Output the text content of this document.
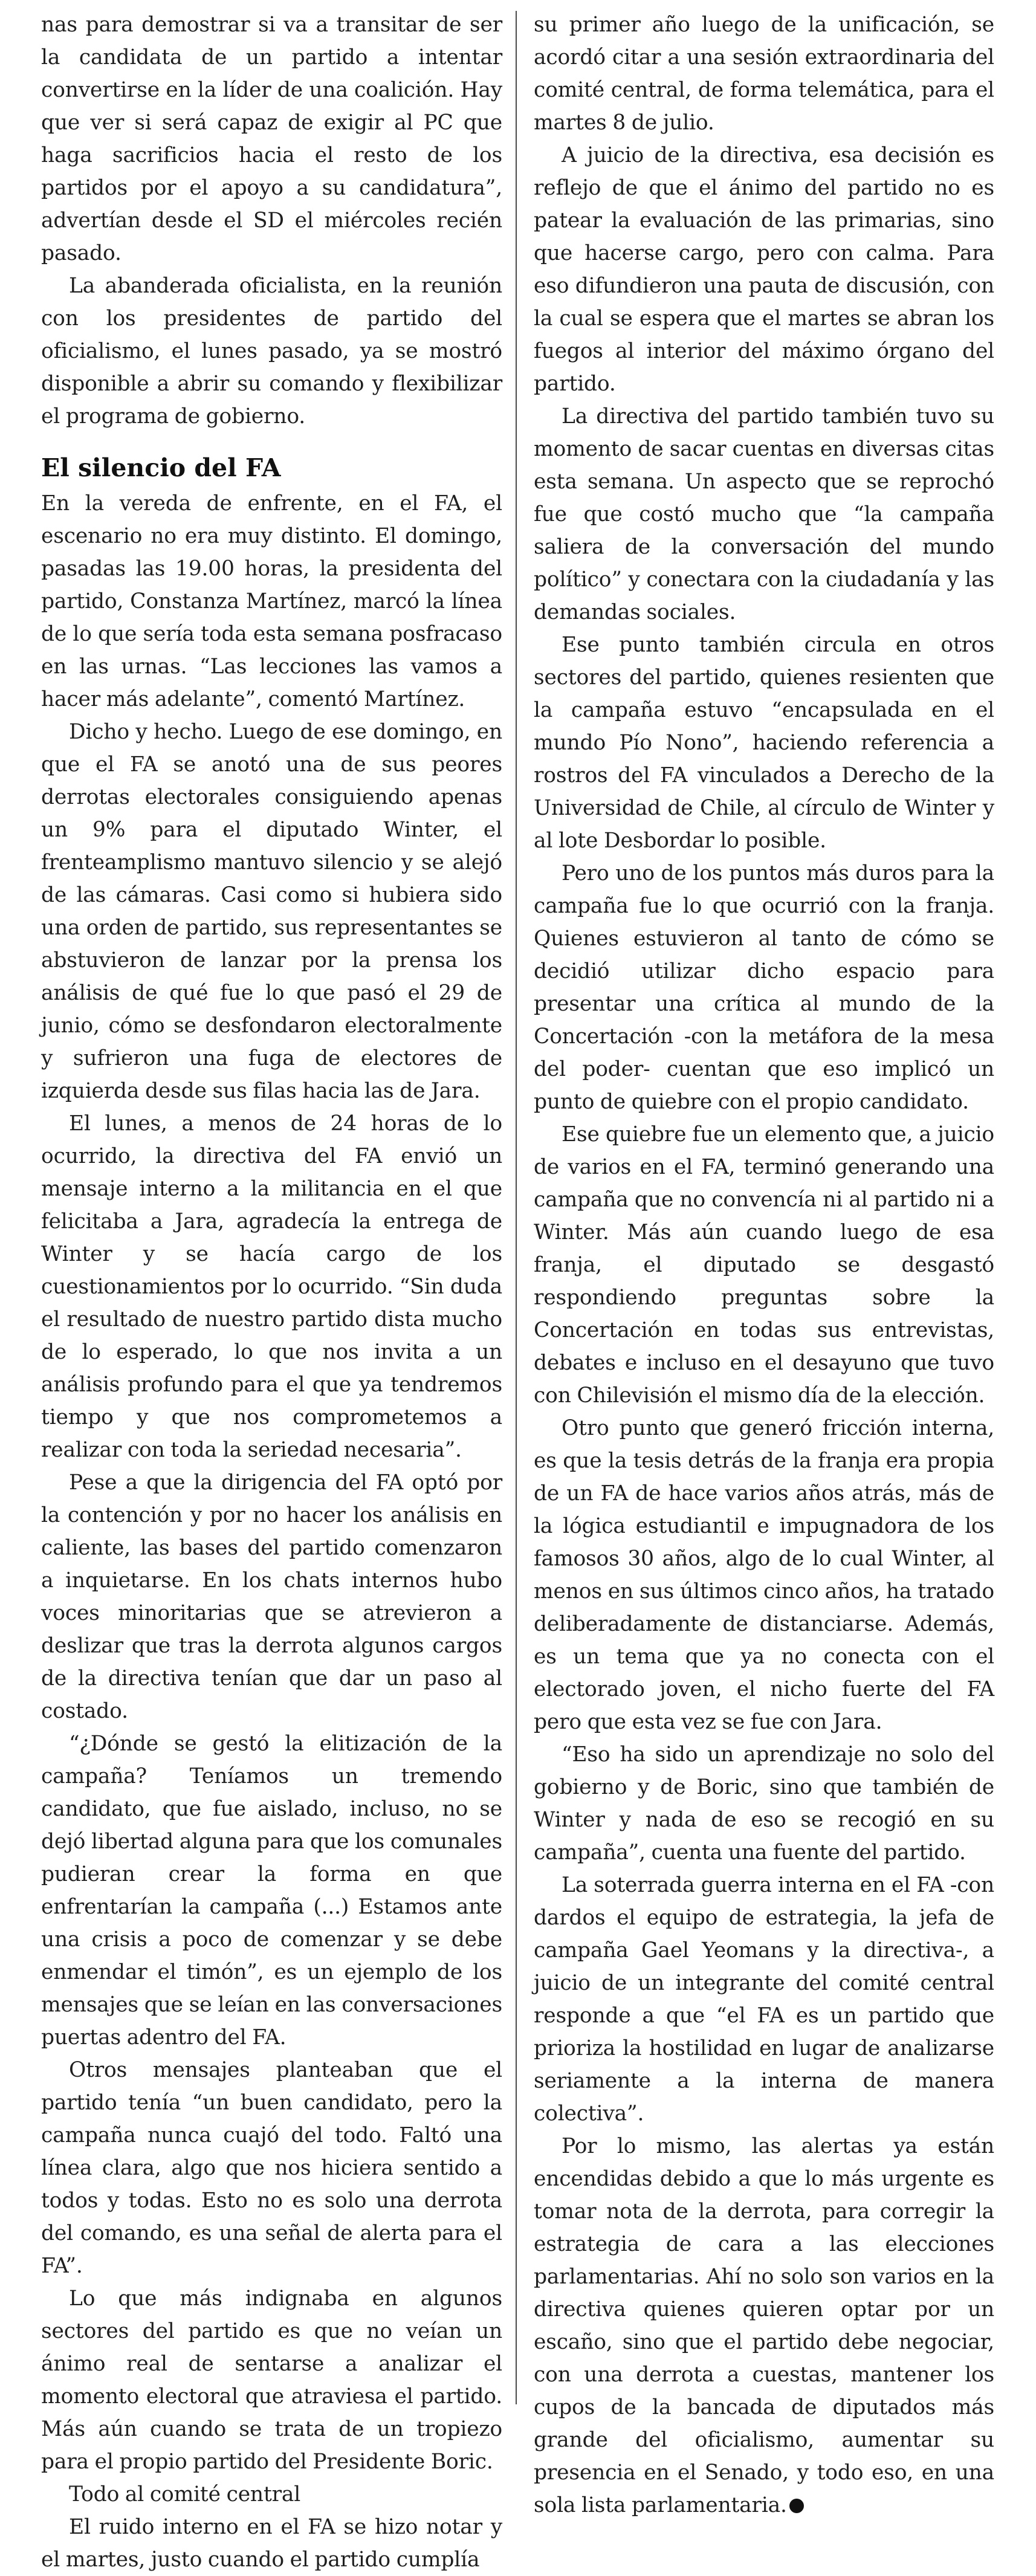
nas para demostrar si va a transitar de ser la candidata de un partido a intentar convertirse en la líder de una coalición. Hay que ver si será capaz de exigir al PC que haga sacrificios hacia el resto de los partidos por el apoyo a su candidatura”, advertían desde el SD el miércoles recién pasado.

La abanderada oficialista, en la reunión con los presidentes de partido del oficialismo, el lunes pasado, ya se mostró disponible a abrir su comando y flexibilizar el programa de gobierno.

El silencio del FA

En la vereda de enfrente, en el FA, el escenario no era muy distinto. El domingo, pasadas las 19.00 horas, la presidenta del partido, Constanza Martínez, marcó la línea de lo que sería toda esta semana posfracaso en las urnas. “Las lecciones las vamos a hacer más adelante”, comentó Martínez.

Dicho y hecho. Luego de ese domingo, en que el FA se anotó una de sus peores derrotas electorales consiguiendo apenas un 9% para el diputado Winter, el frenteamplismo mantuvo silencio y se alejó de las cámaras. Casi como si hubiera sido una orden de partido, sus representantes se abstuvieron de lanzar por la prensa los análisis de qué fue lo que pasó el 29 de junio, cómo se desfondaron electoralmente y sufrieron una fuga de electores de izquierda desde sus filas hacia las de Jara.

El lunes, a menos de 24 horas de lo ocurrido, la directiva del FA envió un mensaje interno a la militancia en el que felicitaba a Jara, agradecía la entrega de Winter y se hacía cargo de los cuestionamientos por lo ocurrido. “Sin duda el resultado de nuestro partido dista mucho de lo esperado, lo que nos invita a un análisis profundo para el que ya tendremos tiempo y que nos comprometemos a realizar con toda la seriedad necesaria”.

Pese a que la dirigencia del FA optó por la contención y por no hacer los análisis en caliente, las bases del partido comenzaron a inquietarse. En los chats internos hubo voces minoritarias que se atrevieron a deslizar que tras la derrota algunos cargos de la directiva tenían que dar un paso al costado.

“¿Dónde se gestó la elitización de la campaña? Teníamos un tremendo candidato, que fue aislado, incluso, no se dejó libertad alguna para que los comunales pudieran crear la forma en que enfrentarían la campaña (...) Estamos ante una crisis a poco de comenzar y se debe enmendar el timón”, es un ejemplo de los mensajes que se leían en las conversaciones puertas adentro del FA.

Otros mensajes planteaban que el partido tenía “un buen candidato, pero la campaña nunca cuajó del todo. Faltó una línea clara, algo que nos hiciera sentido a todos y todas. Esto no es solo una derrota del comando, es una señal de alerta para el FA”.

Lo que más indignaba en algunos sectores del partido es que no veían un ánimo real de sentarse a analizar el momento electoral que atraviesa el partido. Más aún cuando se trata de un tropiezo para el propio partido del Presidente Boric.

Todo al comité central

El ruido interno en el FA se hizo notar y el martes, justo cuando el partido cumplía

su primer año luego de la unificación, se acordó citar a una sesión extraordinaria del comité central, de forma telemática, para el martes 8 de julio.

A juicio de la directiva, esa decisión es reflejo de que el ánimo del partido no es patear la evaluación de las primarias, sino que hacerse cargo, pero con calma. Para eso difundieron una pauta de discusión, con la cual se espera que el martes se abran los fuegos al interior del máximo órgano del partido.

La directiva del partido también tuvo su momento de sacar cuentas en diversas citas esta semana. Un aspecto que se reprochó fue que costó mucho que “la campaña saliera de la conversación del mundo político” y conectara con la ciudadanía y las demandas sociales.

Ese punto también circula en otros sectores del partido, quienes resienten que la campaña estuvo “encapsulada en el mundo Pío Nono”, haciendo referencia a rostros del FA vinculados a Derecho de la Universidad de Chile, al círculo de Winter y al lote Desbordar lo posible.

Pero uno de los puntos más duros para la campaña fue lo que ocurrió con la franja. Quienes estuvieron al tanto de cómo se decidió utilizar dicho espacio para presentar una crítica al mundo de la Concertación -con la metáfora de la mesa del poder- cuentan que eso implicó un punto de quiebre con el propio candidato.

Ese quiebre fue un elemento que, a juicio de varios en el FA, terminó generando una campaña que no convencía ni al partido ni a Winter. Más aún cuando luego de esa franja, el diputado se desgastó respondiendo preguntas sobre la Concertación en todas sus entrevistas, debates e incluso en el desayuno que tuvo con Chilevisión el mismo día de la elección.

Otro punto que generó fricción interna, es que la tesis detrás de la franja era propia de un FA de hace varios años atrás, más de la lógica estudiantil e impugnadora de los famosos 30 años, algo de lo cual Winter, al menos en sus últimos cinco años, ha tratado deliberadamente de distanciarse. Además, es un tema que ya no conecta con el electorado joven, el nicho fuerte del FA pero que esta vez se fue con Jara.

“Eso ha sido un aprendizaje no solo del gobierno y de Boric, sino que también de Winter y nada de eso se recogió en su campaña”, cuenta una fuente del partido.

La soterrada guerra interna en el FA -con dardos el equipo de estrategia, la jefa de campaña Gael Yeomans y la directiva-, a juicio de un integrante del comité central responde a que “el FA es un partido que prioriza la hostilidad en lugar de analizarse seriamente a la interna de manera colectiva”.

Por lo mismo, las alertas ya están encendidas debido a que lo más urgente es tomar nota de la derrota, para corregir la estrategia de cara a las elecciones parlamentarias. Ahí no solo son varios en la directiva quienes quieren optar por un escaño, sino que el partido debe negociar, con una derrota a cuestas, mantener los cupos de la bancada de diputados más grande del oficialismo, aumentar su presencia en el Senado, y todo eso, en una sola lista parlamentaria.
